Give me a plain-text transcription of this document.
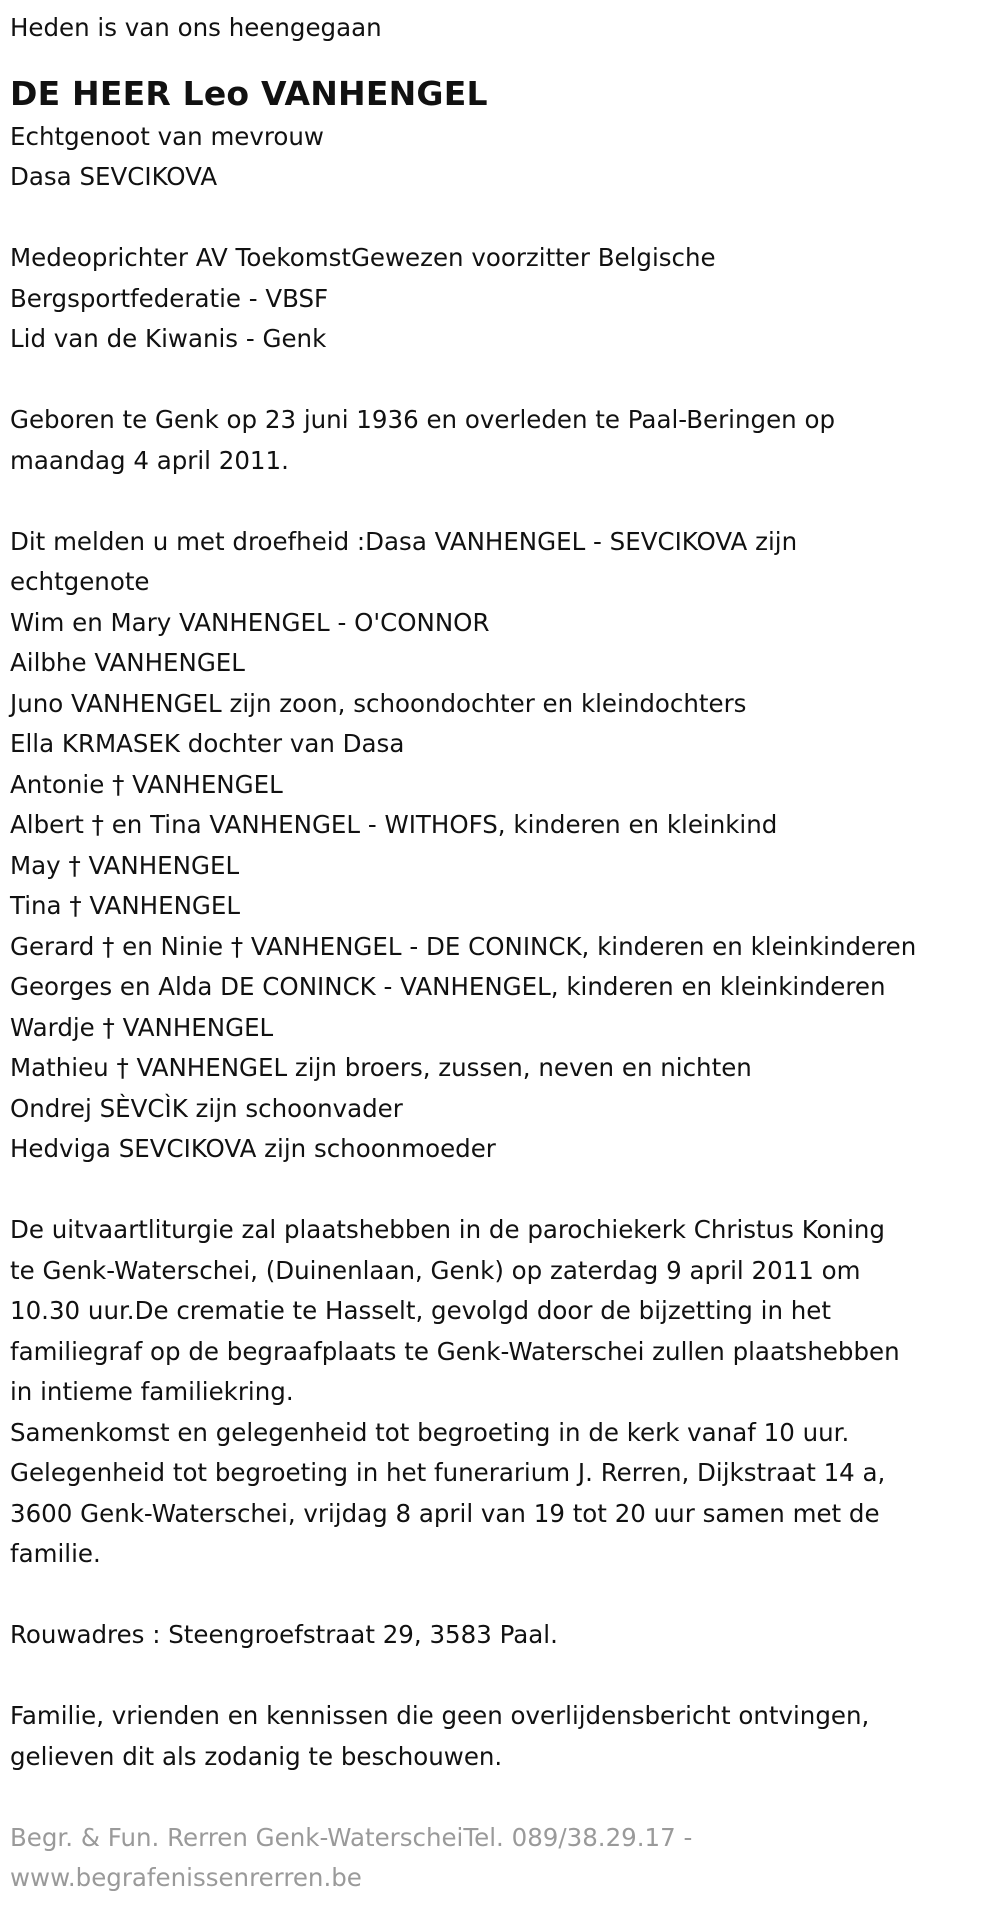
Heden is van ons heengegaan

DE HEER Leo VANHENGEL

Echtgenoot van mevrouw

Dasa SEVCIKOVA

Medeoprichter AV ToekomstGewezen voorzitter Belgische

Bergsportfederatie - VBSF

Lid van de Kiwanis - Genk

Geboren te Genk op 23 juni 1936 en overleden te Paal-Beringen op

maandag 4 april 2011.

Dit melden u met droefheid :Dasa VANHENGEL - SEVCIKOVA zijn

echtgenote

Wim en Mary VANHENGEL - O'CONNOR

Ailbhe VANHENGEL

Juno VANHENGEL zijn zoon, schoondochter en kleindochters

Ella KRMASEK dochter van Dasa

Antonie † VANHENGEL

Albert † en Tina VANHENGEL - WITHOFS, kinderen en kleinkind

May † VANHENGEL

Tina † VANHENGEL

Gerard † en Ninie † VANHENGEL - DE CONINCK, kinderen en kleinkinderen

Georges en Alda DE CONINCK - VANHENGEL, kinderen en kleinkinderen

Wardje † VANHENGEL

Mathieu † VANHENGEL zijn broers, zussen, neven en nichten

Ondrej SÈVCÌK zijn schoonvader

Hedviga SEVCIKOVA zijn schoonmoeder

De uitvaartliturgie zal plaatshebben in de parochiekerk Christus Koning

te Genk-Waterschei, (Duinenlaan, Genk) op zaterdag 9 april 2011 om

10.30 uur.De crematie te Hasselt, gevolgd door de bijzetting in het

familiegraf op de begraafplaats te Genk-Waterschei zullen plaatshebben

in intieme familiekring.

Samenkomst en gelegenheid tot begroeting in de kerk vanaf 10 uur.

Gelegenheid tot begroeting in het funerarium J. Rerren, Dijkstraat 14 a,

3600 Genk-Waterschei, vrijdag 8 april van 19 tot 20 uur samen met de

familie.

Rouwadres : Steengroefstraat 29, 3583 Paal.

Familie, vrienden en kennissen die geen overlijdensbericht ontvingen,

gelieven dit als zodanig te beschouwen.

Begr. & Fun. Rerren Genk-WaterscheiTel. 089/38.29.17 -

www.begrafenissenrerren.be
